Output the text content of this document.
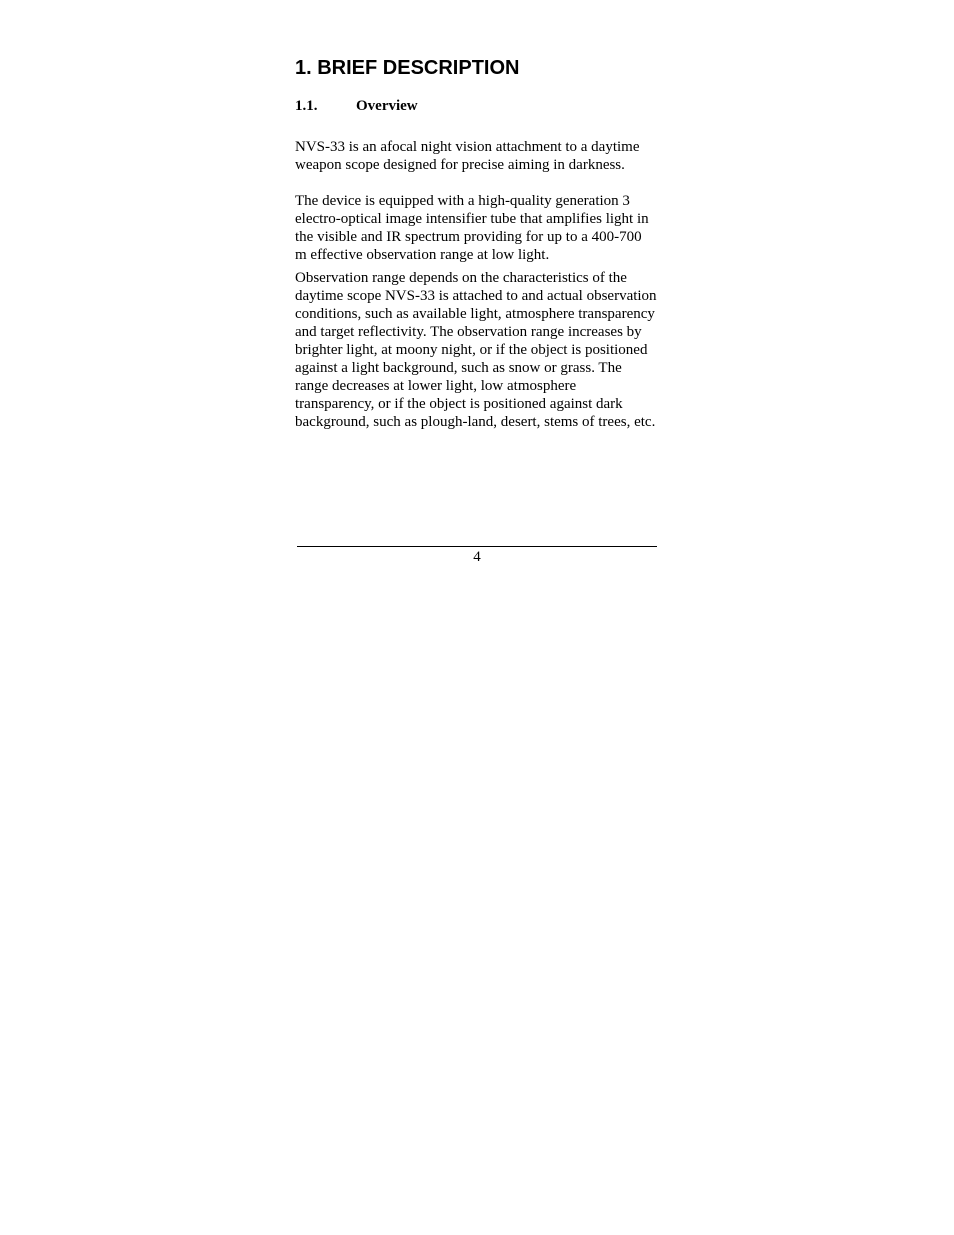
1. BRIEF DESCRIPTION
1.1.	Overview

NVS-33 is an afocal night vision attachment to a daytime weapon scope designed for precise aiming in darkness.

The device is equipped with a high-quality generation 3 electro-optical image intensifier tube that amplifies light in the visible and IR spectrum providing for up to a 400-700 m effective observation range at low light.

Observation range depends on the characteristics of the daytime scope NVS-33 is attached to and actual observation conditions, such as available light, atmosphere transparency and target reflectivity. The observation range increases by brighter light, at moony night, or if the object is positioned against a light background, such as snow or grass. The range decreases at lower light, low atmosphere transparency, or if the object is positioned against dark background, such as plough-land, desert, stems of trees, etc.

4
